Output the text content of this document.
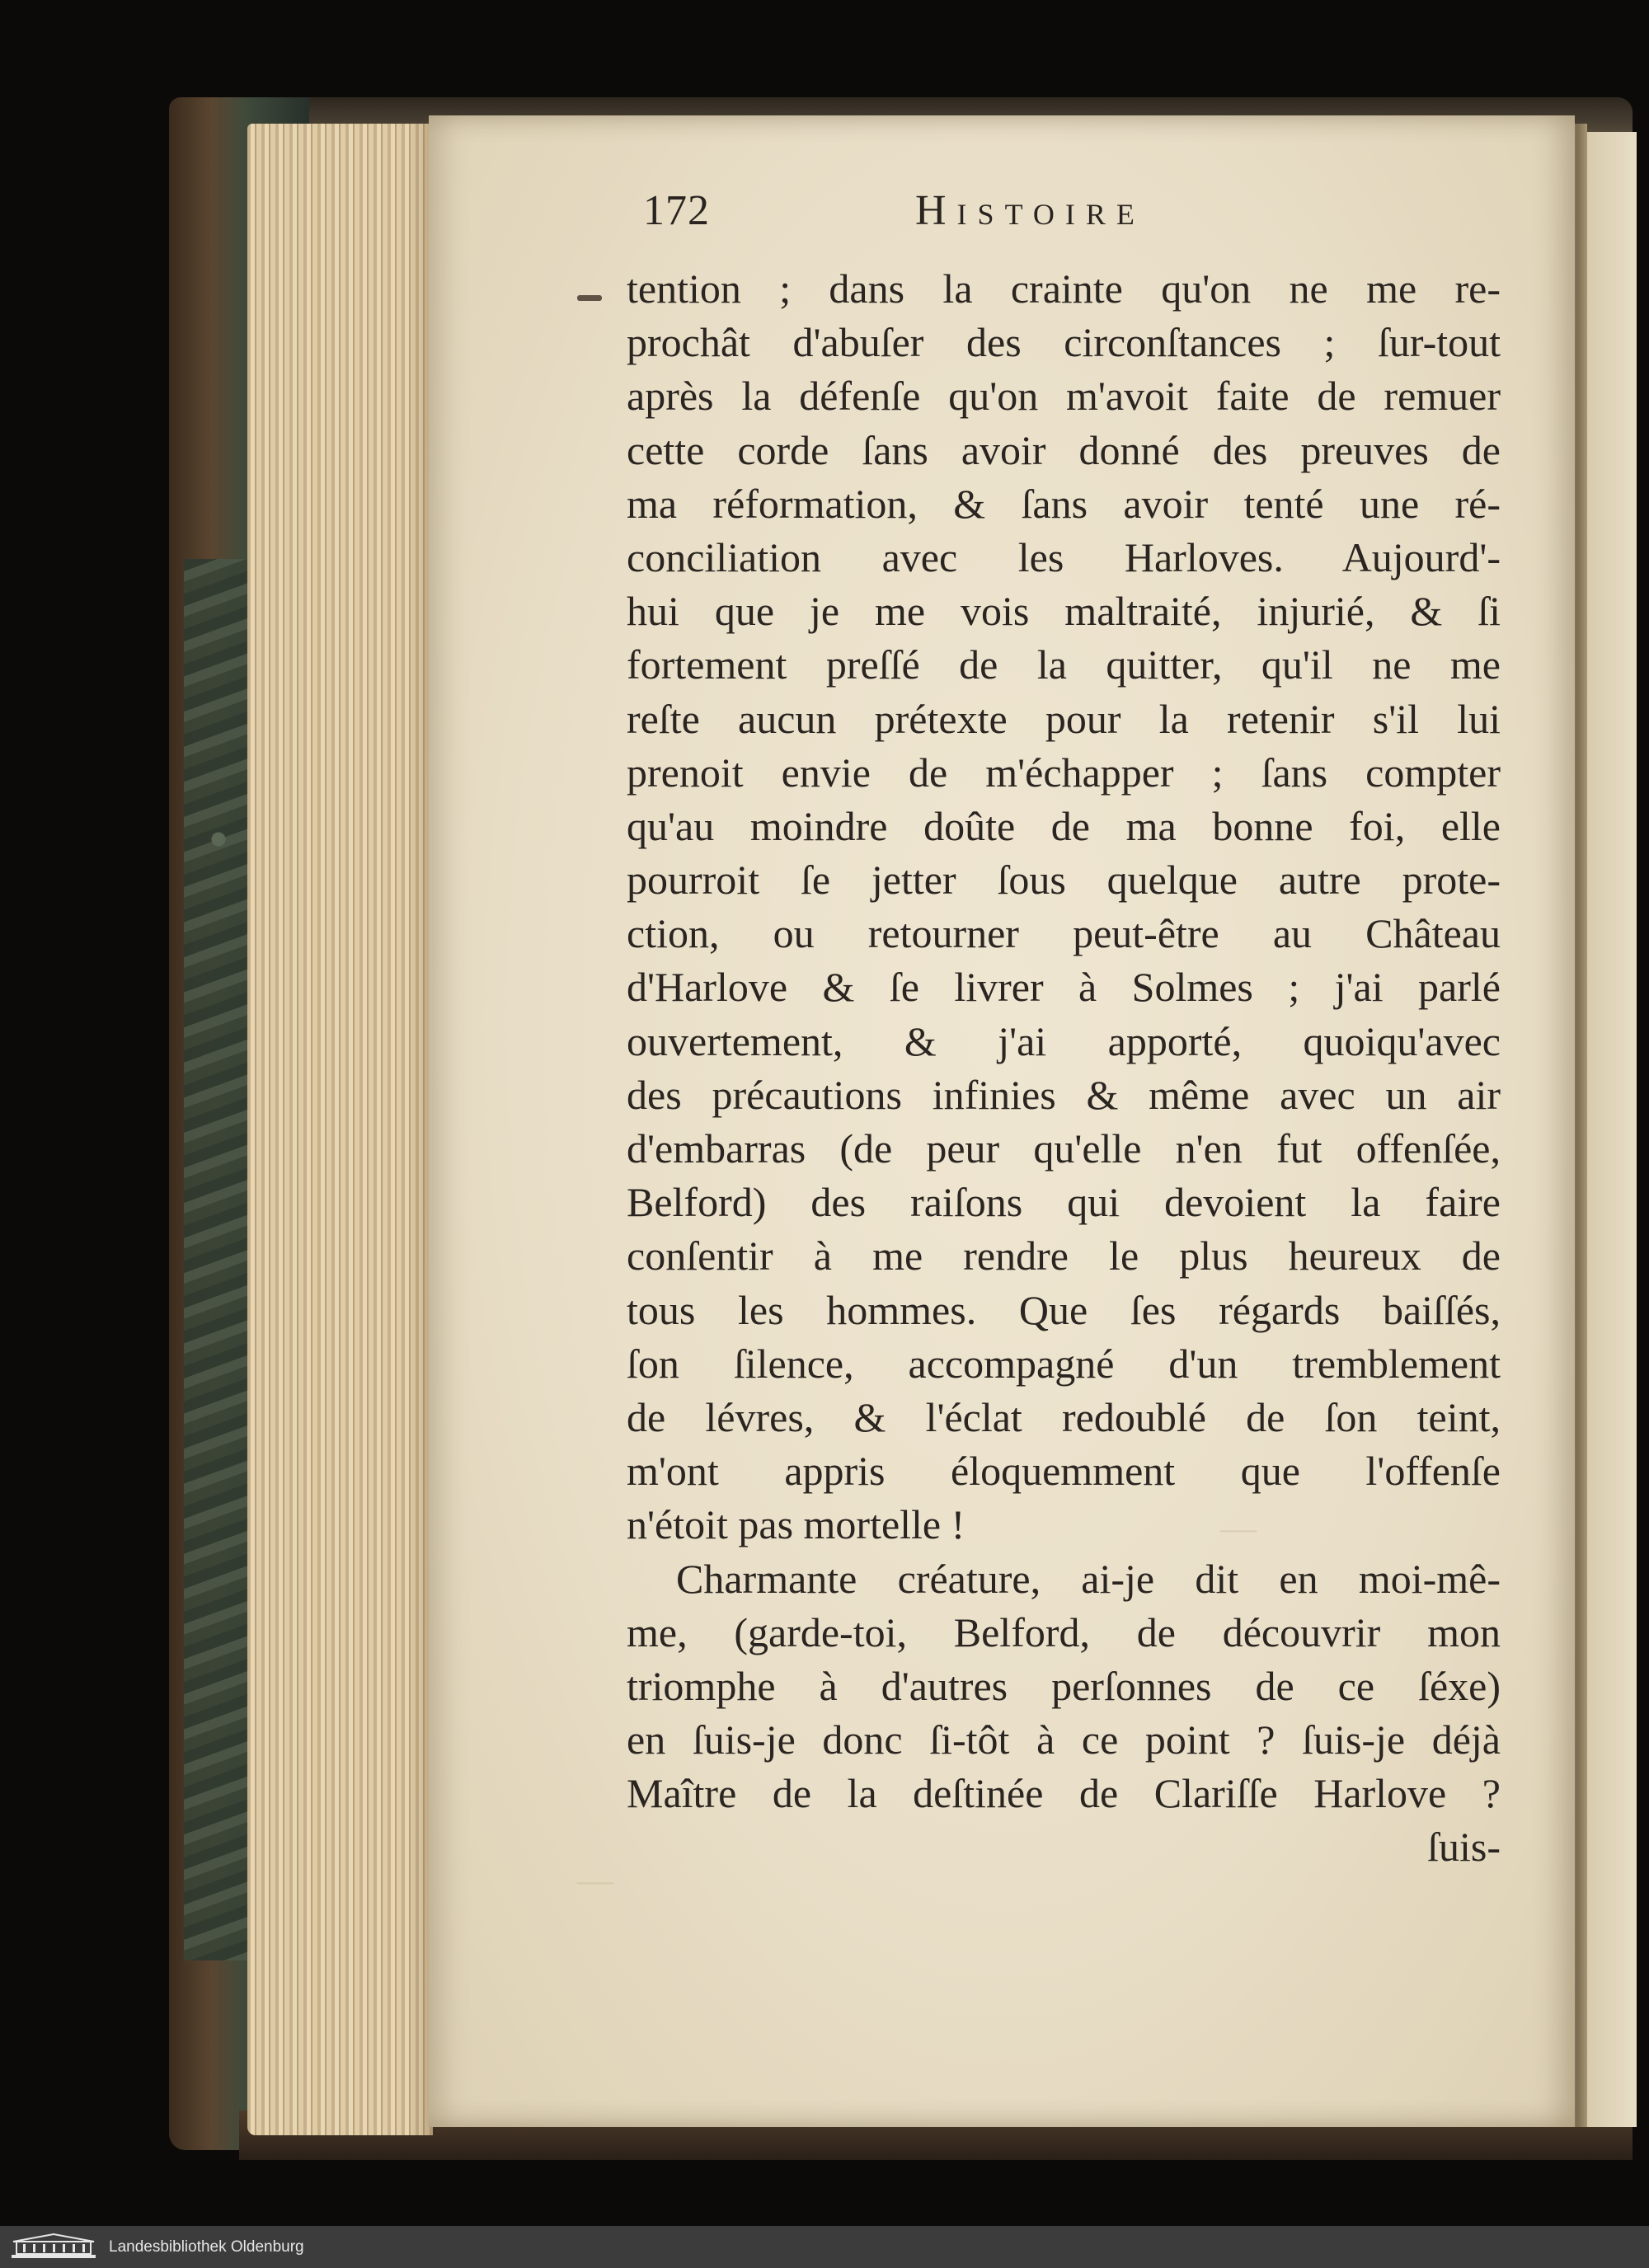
172	Histoire
tention ; dans la crainte qu'on ne me re-
prochât d'abuſer des circonſtances ; ſur-tout
après la défenſe qu'on m'avoit faite de remuer
cette corde ſans avoir donné des preuves de
ma réformation, & ſans avoir tenté une ré-
conciliation avec les Harloves. Aujourd'-
hui que je me vois maltraité, injurié, & ſi
fortement preſſé de la quitter, qu'il ne me
reſte aucun prétexte pour la retenir s'il lui
prenoit envie de m'échapper ; ſans compter
qu'au moindre doûte de ma bonne foi, elle
pourroit ſe jetter ſous quelque autre prote-
ction, ou retourner peut-être au Château
d'Harlove & ſe livrer à Solmes ; j'ai parlé
ouvertement, & j'ai apporté, quoiqu'avec
des précautions infinies & même avec un air
d'embarras (de peur qu'elle n'en fut offenſée,
Belford) des raiſons qui devoient la faire
conſentir à me rendre le plus heureux de
tous les hommes. Que ſes régards baiſſés,
ſon ſilence, accompagné d'un tremblement
de lévres, & l'éclat redoublé de ſon teint,
m'ont appris éloquemment que l'offenſe
n'étoit pas mortelle !
Charmante créature, ai-je dit en moi-mê-
me, (garde-toi, Belford, de découvrir mon
triomphe à d'autres perſonnes de ce ſéxe)
en ſuis-je donc ſi-tôt à ce point ? ſuis-je déjà
Maître de la deſtinée de Clariſſe Harlove ?
ſuis-
—
—
Landesbibliothek Oldenburg
